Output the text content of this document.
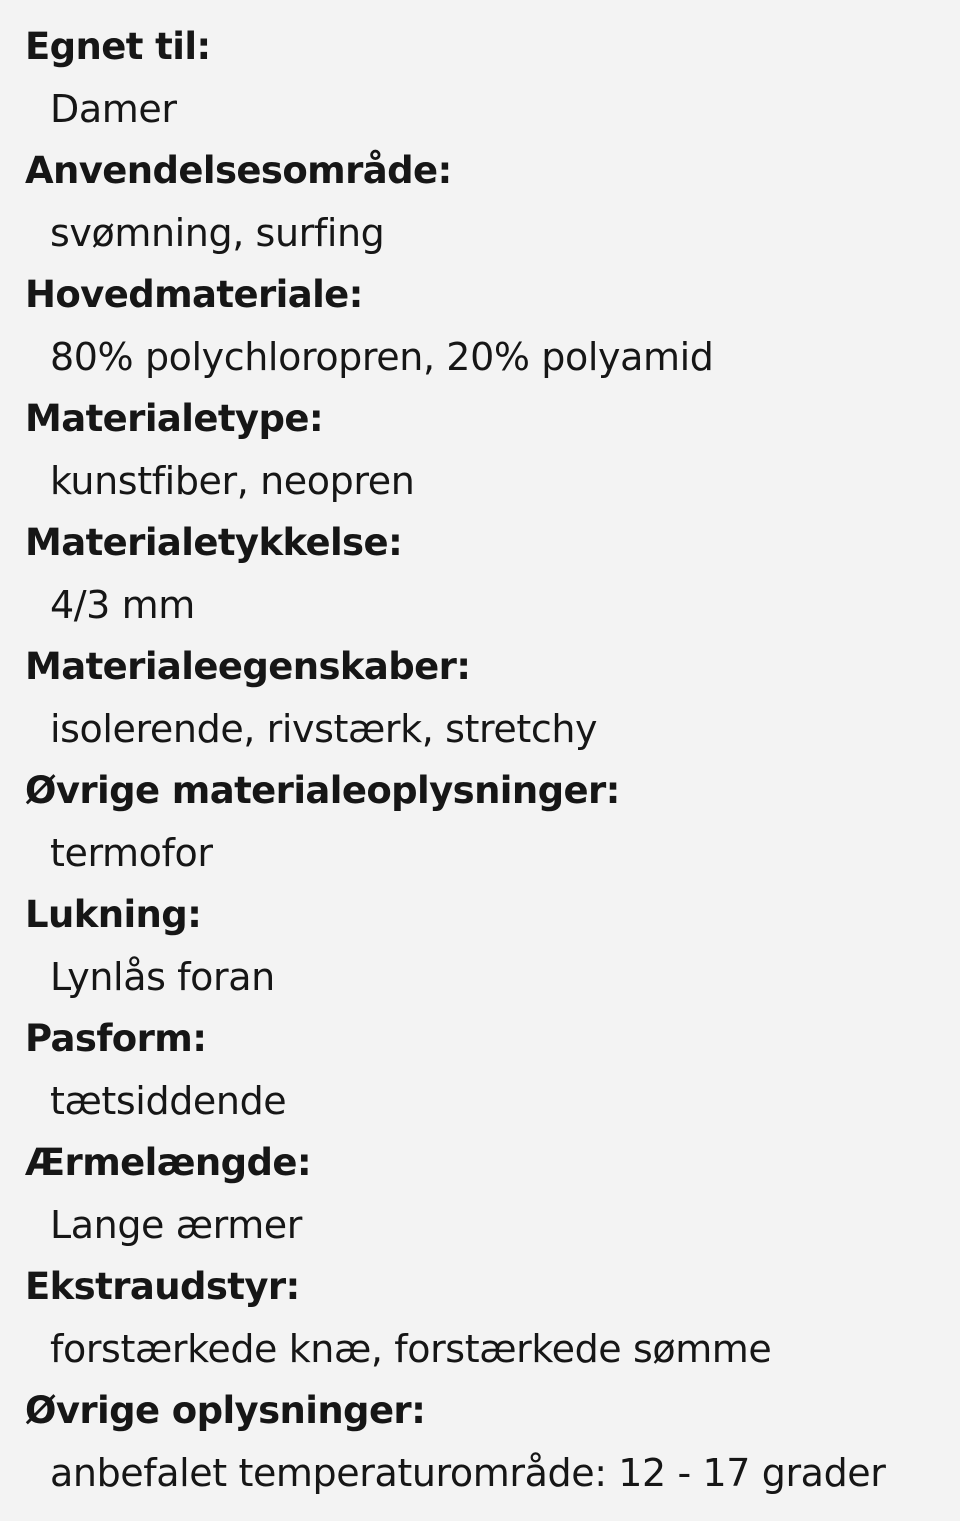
Egnet til:
Damer
Anvendelsesområde:
svømning, surfing
Hovedmateriale:
80% polychloropren, 20% polyamid
Materialetype:
kunstfiber, neopren
Materialetykkelse:
4/3 mm
Materialeegenskaber:
isolerende, rivstærk, stretchy
Øvrige materialeoplysninger:
termofor
Lukning:
Lynlås foran
Pasform:
tætsiddende
Ærmelængde:
Lange ærmer
Ekstraudstyr:
forstærkede knæ, forstærkede sømme
Øvrige oplysninger:
anbefalet temperaturområde: 12 - 17 grader
